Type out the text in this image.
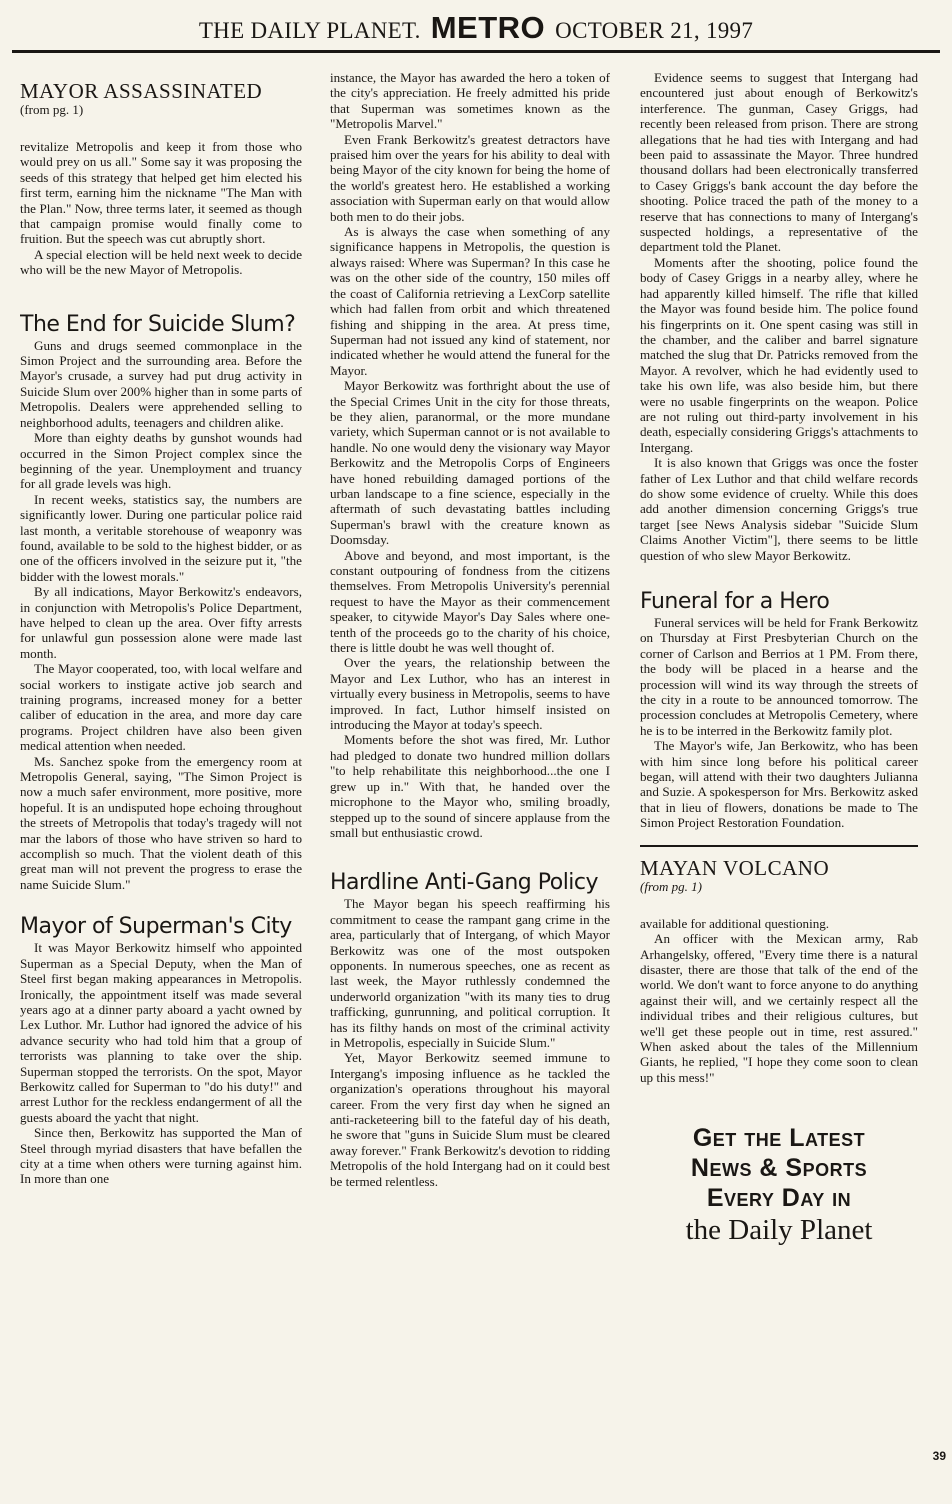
THE DAILY PLANET. METRO OCTOBER 21, 1997
MAYOR ASSASSINATED
(from pg. 1)

revitalize Metropolis and keep it from those who would prey on us all." Some say it was proposing the seeds of this strategy that helped get him elected his first term, earning him the nickname "The Man with the Plan." Now, three terms later, it seemed as though that campaign promise would finally come to fruition. But the speech was cut abruptly short.

A special election will be held next week to decide who will be the new Mayor of Metropolis.

The End for Suicide Slum?

Guns and drugs seemed commonplace in the Simon Project and the surrounding area. Before the Mayor's crusade, a survey had put drug activity in Suicide Slum over 200% higher than in some parts of Metropolis. Dealers were apprehended selling to neighborhood adults, teenagers and children alike.

More than eighty deaths by gunshot wounds had occurred in the Simon Project complex since the beginning of the year. Unemployment and truancy for all grade levels was high.

In recent weeks, statistics say, the numbers are significantly lower. During one particular police raid last month, a veritable storehouse of weaponry was found, available to be sold to the highest bidder, or as one of the officers involved in the seizure put it, "the bidder with the lowest morals."

By all indications, Mayor Berkowitz's endeavors, in conjunction with Metropolis's Police Department, have helped to clean up the area. Over fifty arrests for unlawful gun possession alone were made last month.

The Mayor cooperated, too, with local welfare and social workers to instigate active job search and training programs, increased money for a better caliber of education in the area, and more day care programs. Project children have also been given medical attention when needed.

Ms. Sanchez spoke from the emergency room at Metropolis General, saying, "The Simon Project is now a much safer environment, more positive, more hopeful. It is an undisputed hope echoing throughout the streets of Metropolis that today's tragedy will not mar the labors of those who have striven so hard to accomplish so much. That the violent death of this great man will not prevent the progress to erase the name Suicide Slum."

Mayor of Superman's City

It was Mayor Berkowitz himself who appointed Superman as a Special Deputy, when the Man of Steel first began making appearances in Metropolis. Ironically, the appointment itself was made several years ago at a dinner party aboard a yacht owned by Lex Luthor. Mr. Luthor had ignored the advice of his advance security who had told him that a group of terrorists was planning to take over the ship. Superman stopped the terrorists. On the spot, Mayor Berkowitz called for Superman to "do his duty!" and arrest Luthor for the reckless endangerment of all the guests aboard the yacht that night.

Since then, Berkowitz has supported the Man of Steel through myriad disasters that have befallen the city at a time when others were turning against him. In more than one

instance, the Mayor has awarded the hero a token of the city's appreciation. He freely admitted his pride that Superman was sometimes known as the "Metropolis Marvel."

Even Frank Berkowitz's greatest detractors have praised him over the years for his ability to deal with being Mayor of the city known for being the home of the world's greatest hero. He established a working association with Superman early on that would allow both men to do their jobs.

As is always the case when something of any significance happens in Metropolis, the question is always raised: Where was Superman? In this case he was on the other side of the country, 150 miles off the coast of California retrieving a LexCorp satellite which had fallen from orbit and which threatened fishing and shipping in the area. At press time, Superman had not issued any kind of statement, nor indicated whether he would attend the funeral for the Mayor.

Mayor Berkowitz was forthright about the use of the Special Crimes Unit in the city for those threats, be they alien, paranormal, or the more mundane variety, which Superman cannot or is not available to handle. No one would deny the visionary way Mayor Berkowitz and the Metropolis Corps of Engineers have honed rebuilding damaged portions of the urban landscape to a fine science, especially in the aftermath of such devastating battles including Superman's brawl with the creature known as Doomsday.

Above and beyond, and most important, is the constant outpouring of fondness from the citizens themselves. From Metropolis University's perennial request to have the Mayor as their commencement speaker, to citywide Mayor's Day Sales where one-tenth of the proceeds go to the charity of his choice, there is little doubt he was well thought of.

Over the years, the relationship between the Mayor and Lex Luthor, who has an interest in virtually every business in Metropolis, seems to have improved. In fact, Luthor himself insisted on introducing the Mayor at today's speech.

Moments before the shot was fired, Mr. Luthor had pledged to donate two hundred million dollars "to help rehabilitate this neighborhood...the one I grew up in." With that, he handed over the microphone to the Mayor who, smiling broadly, stepped up to the sound of sincere applause from the small but enthusiastic crowd.

Hardline Anti-Gang Policy

The Mayor began his speech reaffirming his commitment to cease the rampant gang crime in the area, particularly that of Intergang, of which Mayor Berkowitz was one of the most outspoken opponents. In numerous speeches, one as recent as last week, the Mayor ruthlessly condemned the underworld organization "with its many ties to drug trafficking, gunrunning, and political corruption. It has its filthy hands on most of the criminal activity in Metropolis, especially in Suicide Slum."

Yet, Mayor Berkowitz seemed immune to Intergang's imposing influence as he tackled the organization's operations throughout his mayoral career. From the very first day when he signed an anti-racketeering bill to the fateful day of his death, he swore that "guns in Suicide Slum must be cleared away forever." Frank Berkowitz's devotion to ridding Metropolis of the hold Intergang had on it could best be termed relentless.

Evidence seems to suggest that Intergang had encountered just about enough of Berkowitz's interference. The gunman, Casey Griggs, had recently been released from prison. There are strong allegations that he had ties with Intergang and had been paid to assassinate the Mayor. Three hundred thousand dollars had been electronically transferred to Casey Griggs's bank account the day before the shooting. Police traced the path of the money to a reserve that has connections to many of Intergang's suspected holdings, a representative of the department told the Planet.

Moments after the shooting, police found the body of Casey Griggs in a nearby alley, where he had apparently killed himself. The rifle that killed the Mayor was found beside him. The police found his fingerprints on it. One spent casing was still in the chamber, and the caliber and barrel signature matched the slug that Dr. Patricks removed from the Mayor. A revolver, which he had evidently used to take his own life, was also beside him, but there were no usable fingerprints on the weapon. Police are not ruling out third-party involvement in his death, especially considering Griggs's attachments to Intergang.

It is also known that Griggs was once the foster father of Lex Luthor and that child welfare records do show some evidence of cruelty. While this does add another dimension concerning Griggs's true target [see News Analysis sidebar "Suicide Slum Claims Another Victim"], there seems to be little question of who slew Mayor Berkowitz.

Funeral for a Hero

Funeral services will be held for Frank Berkowitz on Thursday at First Presbyterian Church on the corner of Carlson and Berrios at 1 PM. From there, the body will be placed in a hearse and the procession will wind its way through the streets of the city in a route to be announced tomorrow. The procession concludes at Metropolis Cemetery, where he is to be interred in the Berkowitz family plot.

The Mayor's wife, Jan Berkowitz, who has been with him since long before his political career began, will attend with their two daughters Julianna and Suzie. A spokesperson for Mrs. Berkowitz asked that in lieu of flowers, donations be made to The Simon Project Restoration Foundation.

MAYAN VOLCANO
(from pg. 1)

available for additional questioning.

An officer with the Mexican army, Rab Arhangelsky, offered, "Every time there is a natural disaster, there are those that talk of the end of the world. We don't want to force anyone to do anything against their will, and we certainly respect all the individual tribes and their religious cultures, but we'll get these people out in time, rest assured." When asked about the tales of the Millennium Giants, he replied, "I hope they come soon to clean up this mess!"

Get the Latest
News & Sports
Every Day in
the Daily Planet
39
